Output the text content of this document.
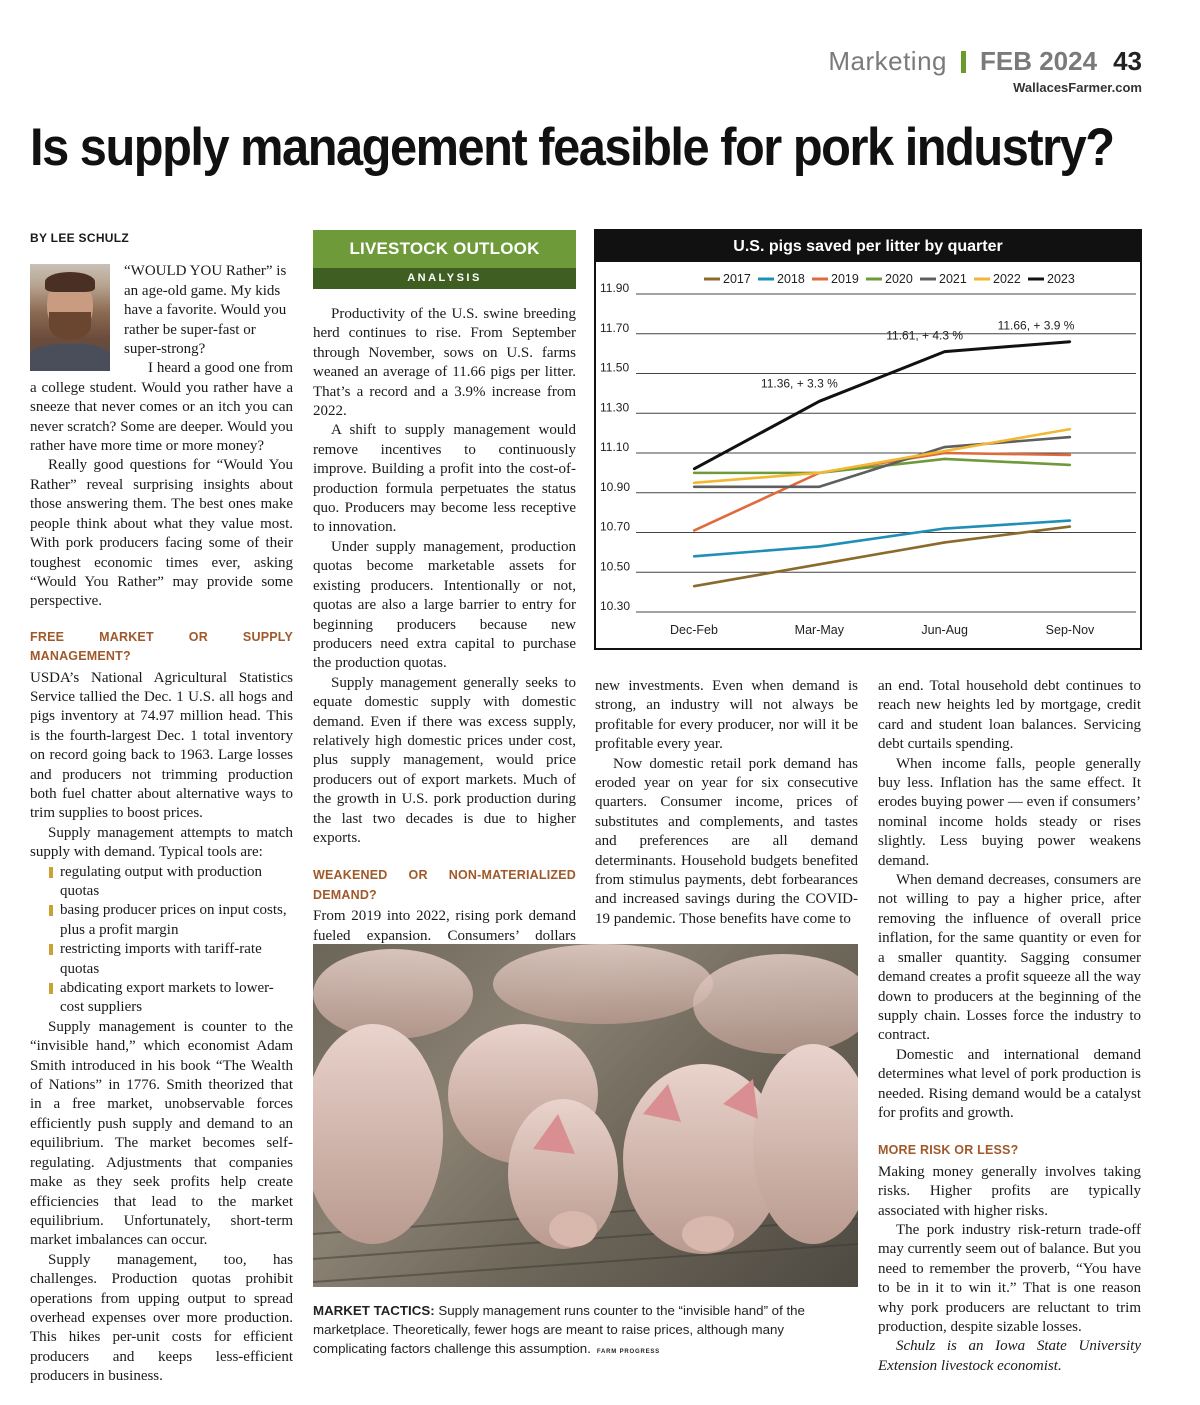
Marketing FEB 2024 43
WallacesFarmer.com
Is supply management feasible for pork industry?
BY LEE SCHULZ

“WOULD YOU Rather” is an age-old game. My kids have a favorite. Would you rather be super-fast or super-strong?

I heard a good one from a college student. Would you rather have a sneeze that never comes or an itch you can never scratch? Some are deeper. Would you rather have more time or more money?

Really good questions for “Would You Rather” reveal surprising insights about those answering them. The best ones make people think about what they value most. With pork producers facing some of their toughest economic times ever, asking “Would You Rather” may provide some perspective.

FREE MARKET OR SUPPLY MANAGEMENT?

USDA’s National Agricultural Statistics Service tallied the Dec. 1 U.S. all hogs and pigs inventory at 74.97 million head. This is the fourth-largest Dec. 1 total inventory on record going back to 1963. Large losses and producers not trimming production both fuel chatter about alternative ways to trim supplies to boost prices.

Supply management attempts to match supply with demand. Typical tools are:

regulating output with production quotas
basing producer prices on input costs, plus a profit margin
restricting imports with tariff-rate quotas
abdicating export markets to lower-cost suppliers

Supply management is counter to the “invisible hand,” which economist Adam Smith introduced in his book “The Wealth of Nations” in 1776. Smith theorized that in a free market, unobservable forces efficiently push supply and demand to an equilibrium. The market becomes self-regulating. Adjustments that companies make as they seek profits help create efficiencies that lead to the market equilibrium. Unfortunately, short-term market imbalances can occur.

Supply management, too, has challenges. Production quotas prohibit operations from upping output to spread overhead expenses over more production. This hikes per-unit costs for efficient producers and keeps less-efficient producers in business.

LIVESTOCK OUTLOOK
ANALYSIS

Productivity of the U.S. swine breeding herd continues to rise. From September through November, sows on U.S. farms weaned an average of 11.66 pigs per litter. That’s a record and a 3.9% increase from 2022.

A shift to supply management would remove incentives to continuously improve. Building a profit into the cost-of-production formula perpetuates the status quo. Producers may become less receptive to innovation.

Under supply management, production quotas become marketable assets for existing producers. Intentionally or not, quotas are also a large barrier to entry for beginning producers because new producers need extra capital to purchase the production quotas.

Supply management generally seeks to equate domestic supply with domestic demand. Even if there was excess supply, relatively high domestic prices under cost, plus supply management, would price producers out of export markets. Much of the growth in U.S. pork production during the last two decades is due to higher exports.

WEAKENED OR NON-MATERIALIZED DEMAND?

From 2019 into 2022, rising pork demand fueled expansion. Consumers’ dollars

U.S. pigs saved per litter by quarter
10.30
10.50
10.70
10.90
11.10
11.30
11.50
11.70
11.90
Dec-Feb	Mar-May	Jun-Aug	Sep-Nov
2017 2018 2019 2020 2021 2022 2023
11.36, + 3.3 %
11.61, + 4.3 %
11.66, + 3.9 %

new investments. Even when demand is strong, an industry will not always be profitable for every producer, nor will it be profitable every year.

Now domestic retail pork demand has eroded year on year for six consecutive quarters. Consumer income, prices of substitutes and complements, and tastes and preferences are all demand determinants. Household budgets benefited from stimulus payments, debt forbearances and increased savings during the COVID-19 pandemic. Those benefits have come to

MARKET TACTICS: Supply management runs counter to the “invisible hand” of the marketplace. Theoretically, fewer hogs are meant to raise prices, although many complicating factors challenge this assumption. FARM PROGRESS

an end. Total household debt continues to reach new heights led by mortgage, credit card and student loan balances. Servicing debt curtails spending.

When income falls, people generally buy less. Inflation has the same effect. It erodes buying power — even if consumers’ nominal income holds steady or rises slightly. Less buying power weakens demand.

When demand decreases, consumers are not willing to pay a higher price, after removing the influence of overall price inflation, for the same quantity or even for a smaller quantity. Sagging consumer demand creates a profit squeeze all the way down to producers at the beginning of the supply chain. Losses force the industry to contract.

Domestic and international demand determines what level of pork production is needed. Rising demand would be a catalyst for profits and growth.

MORE RISK OR LESS?

Making money generally involves taking risks. Higher profits are typically associated with higher risks.

The pork industry risk-return trade-off may currently seem out of balance. But you need to remember the proverb, “You have to be in it to win it.” That is one reason why pork producers are reluctant to trim production, despite sizable losses.

Schulz is an Iowa State University Extension livestock economist.
